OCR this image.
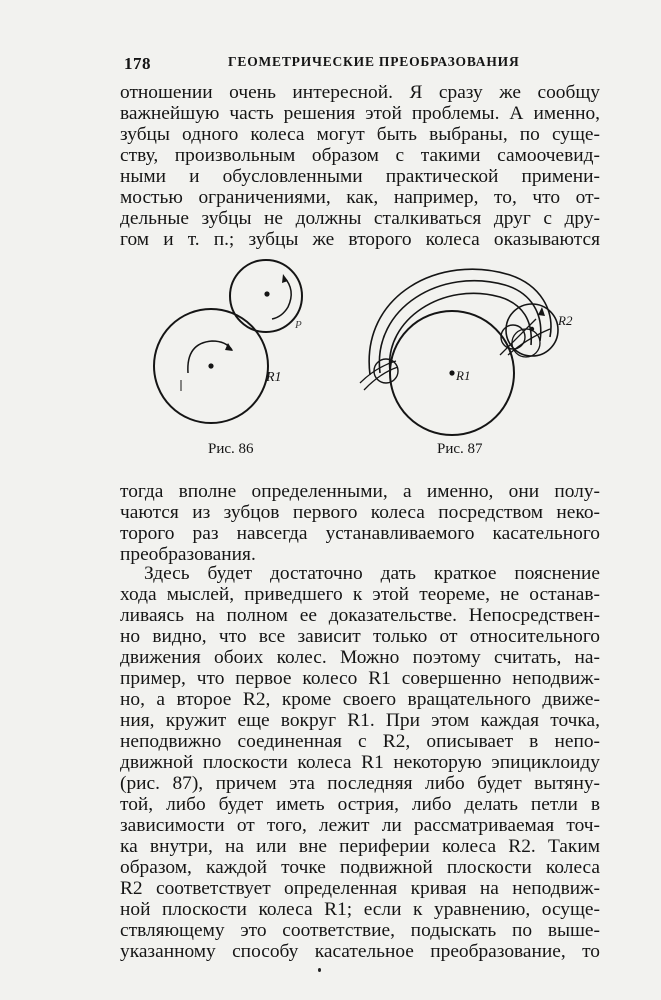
178	ГЕОМЕТРИЧЕСКИЕ ПРЕОБРАЗОВАНИЯ
отношении очень интересной. Я сразу же сообщу
важнейшую часть решения этой проблемы. А именно,
зубцы одного колеса могут быть выбраны, по суще-
ству, произвольным образом с такими самоочевид-
ными и обусловленными практической примени-
мостью ограничениями, как, например, то, что от-
дельные зубцы не должны сталкиваться друг с дру-
гом и т. п.; зубцы же второго колеса оказываются
R1
P
R1
R2
Рис. 86	Рис. 87
тогда вполне определенными, а именно, они полу-
чаются из зубцов первого колеса посредством неко-
торого раз навсегда устанавливаемого касательного
преобразования.
Здесь будет достаточно дать краткое пояснение
хода мыслей, приведшего к этой теореме, не останав-
ливаясь на полном ее доказательстве. Непосредствен-
но видно, что все зависит только от относительного
движения обоих колес. Можно поэтому считать, на-
пример, что первое колесо R1 совершенно неподвиж-
но, а второе R2, кроме своего вращательного движе-
ния, кружит еще вокруг R1. При этом каждая точка,
неподвижно соединенная с R2, описывает в непо-
движной плоскости колеса R1 некоторую эпициклоиду
(рис. 87), причем эта последняя либо будет вытяну-
той, либо будет иметь острия, либо делать петли в
зависимости от того, лежит ли рассматриваемая точ-
ка внутри, на или вне периферии колеса R2. Таким
образом, каждой точке подвижной плоскости колеса
R2 соответствует определенная кривая на неподвиж-
ной плоскости колеса R1; если к уравнению, осуще-
ствляющему это соответствие, подыскать по выше-
указанному способу касательное преобразование, то
